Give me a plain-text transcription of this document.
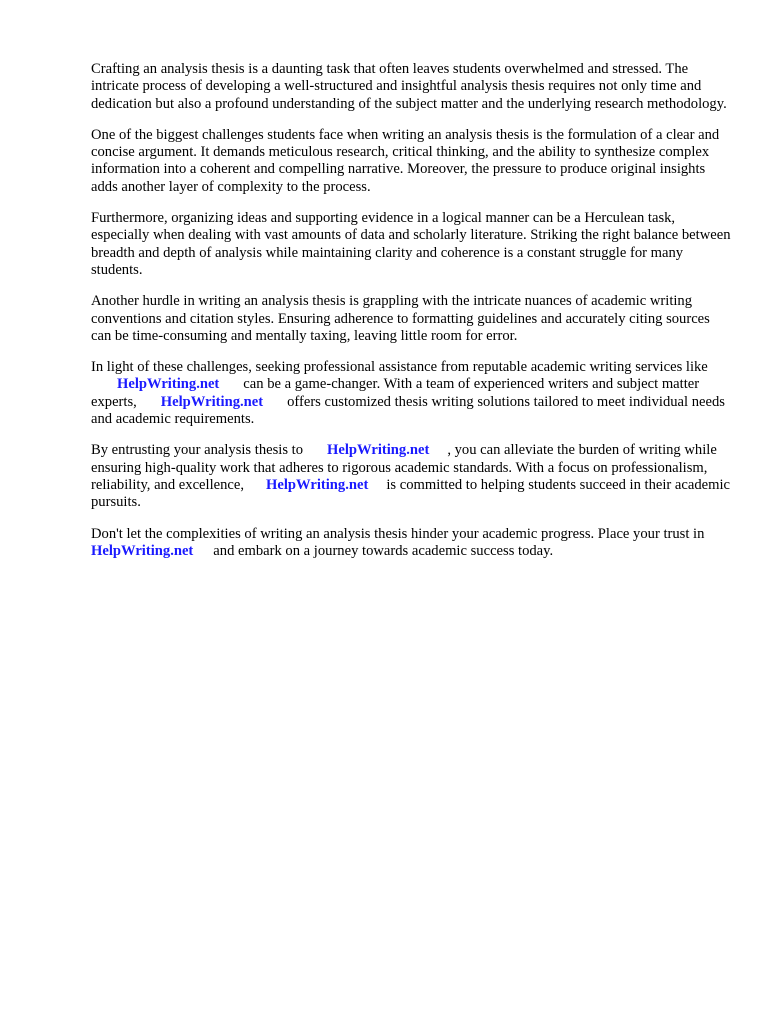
Crafting an analysis thesis is a daunting task that often leaves students overwhelmed and stressed. The intricate process of developing a well-structured and insightful analysis thesis requires not only time and dedication but also a profound understanding of the subject matter and the underlying research methodology.

One of the biggest challenges students face when writing an analysis thesis is the formulation of a clear and concise argument. It demands meticulous research, critical thinking, and the ability to synthesize complex information into a coherent and compelling narrative. Moreover, the pressure to produce original insights adds another layer of complexity to the process.

Furthermore, organizing ideas and supporting evidence in a logical manner can be a Herculean task, especially when dealing with vast amounts of data and scholarly literature. Striking the right balance between breadth and depth of analysis while maintaining clarity and coherence is a constant struggle for many students.

Another hurdle in writing an analysis thesis is grappling with the intricate nuances of academic writing conventions and citation styles. Ensuring adherence to formatting guidelines and accurately citing sources can be time-consuming and mentally taxing, leaving little room for error.

In light of these challenges, seeking professional assistance from reputable academic writing services likeHelpWriting.net can be a game-changer. With a team of experienced writers and subject matter experts, HelpWriting.net offers customized thesis writing solutions tailored to meet individual needs and academic requirements.

By entrusting your analysis thesis to HelpWriting.net , you can alleviate the burden of writing while ensuring high-quality work that adheres to rigorous academic standards. With a focus on professionalism, reliability, and excellence, HelpWriting.net is committed to helping students succeed in their academic pursuits.

Don't let the complexities of writing an analysis thesis hinder your academic progress. Place your trust inHelpWriting.net and embark on a journey towards academic success today.
